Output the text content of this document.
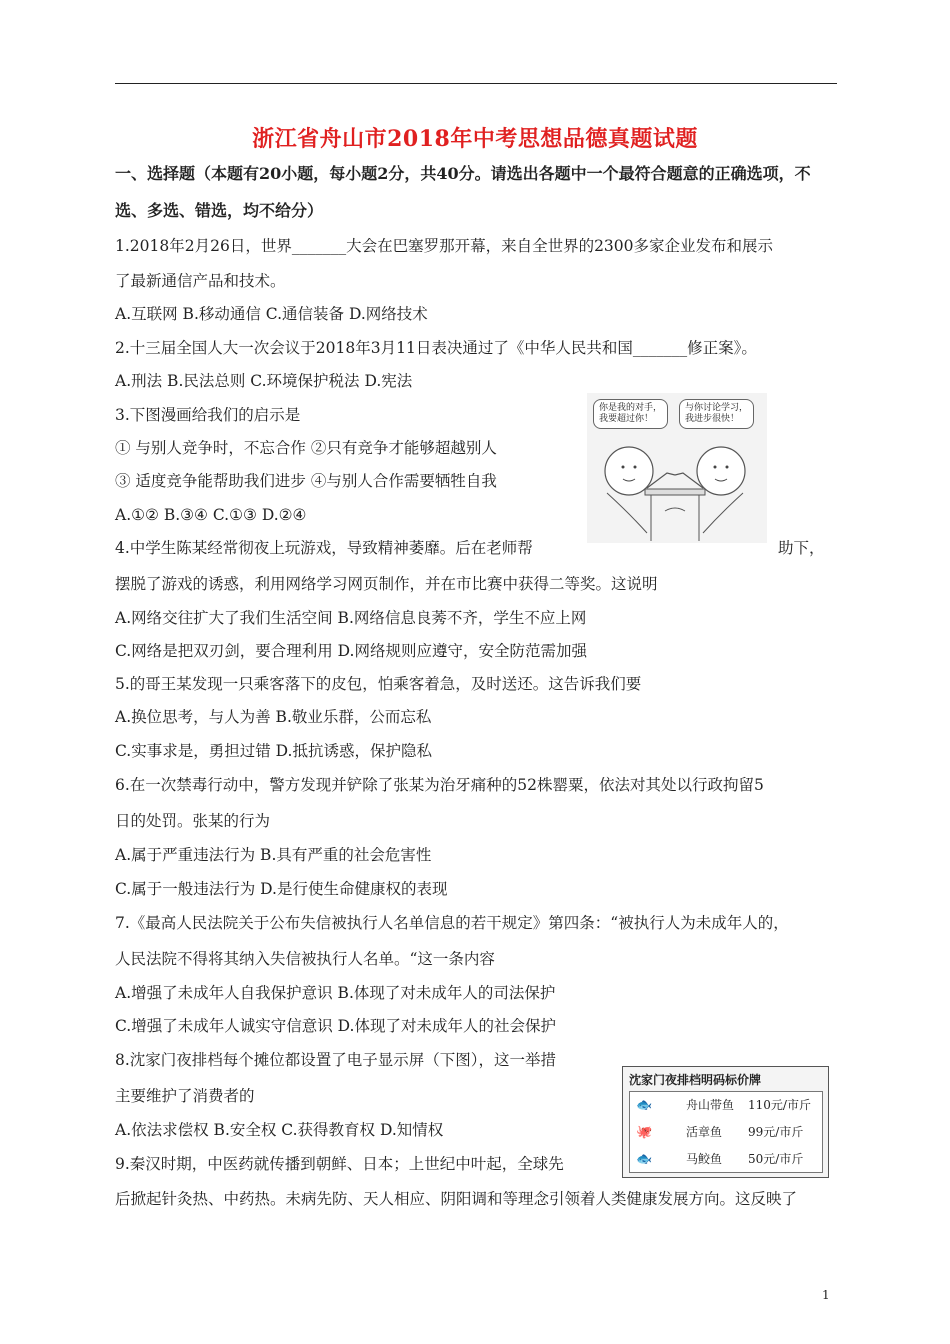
浙江省舟山市2018年中考思想品德真题试题
一、选择题（本题有20小题，每小题2分，共40分。请选出各题中一个最符合题意的正确选项，不
选、多选、错选，均不给分）
1.2018年2月26日，世界_______大会在巴塞罗那开幕，来自全世界的2300多家企业发布和展示
了最新通信产品和技术。
A.互联网 B.移动通信 C.通信装备 D.网络技术
2.十三届全国人大一次会议于2018年3月11日表决通过了《中华人民共和国_______修正案》。
A.刑法 B.民法总则 C.环境保护税法 D.宪法
3.下图漫画给我们的启示是
① 与别人竞争时，不忘合作 ②只有竞争才能够超越别人
③ 适度竞争能帮助我们进步 ④与别人合作需要牺牲自我
A.①② B.③④ C.①③ D.②④
你是我的对手，
我要超过你！
与你讨论学习，
我进步很快！
4.中学生陈某经常彻夜上玩游戏，导致精神萎靡。后在老师帮	助下，
摆脱了游戏的诱惑，利用网络学习网页制作，并在市比赛中获得二等奖。这说明
A.网络交往扩大了我们生活空间 B.网络信息良莠不齐，学生不应上网
C.网络是把双刃剑，要合理利用 D.网络规则应遵守，安全防范需加强
5.的哥王某发现一只乘客落下的皮包，怕乘客着急，及时送还。这告诉我们要
A.换位思考，与人为善 B.敬业乐群，公而忘私
C.实事求是，勇担过错 D.抵抗诱惑，保护隐私
6.在一次禁毒行动中，警方发现并铲除了张某为治牙痛种的52株罂粟，依法对其处以行政拘留5
日的处罚。张某的行为
A.属于严重违法行为 B.具有严重的社会危害性
C.属于一般违法行为 D.是行使生命健康权的表现
7.《最高人民法院关于公布失信被执行人名单信息的若干规定》第四条：“被执行人为未成年人的，
人民法院不得将其纳入失信被执行人名单。“这一条内容
A.增强了未成年人自我保护意识 B.体现了对未成年人的司法保护
C.增强了未成年人诚实守信意识 D.体现了对未成年人的社会保护
8.沈家门夜排档每个摊位都设置了电子显示屏（下图），这一举措
主要维护了消费者的
A.依法求偿权 B.安全权 C.获得教育权 D.知情权
沈家门夜排档明码标价牌
🐟	舟山带鱼 110元/市斤
🐙	活章鱼 99元/市斤
🐟	马鲛鱼 50元/市斤
9.秦汉时期，中医药就传播到朝鲜、日本；上世纪中叶起，全球先
后掀起针灸热、中药热。未病先防、天人相应、阴阳调和等理念引领着人类健康发展方向。这反映了
1
